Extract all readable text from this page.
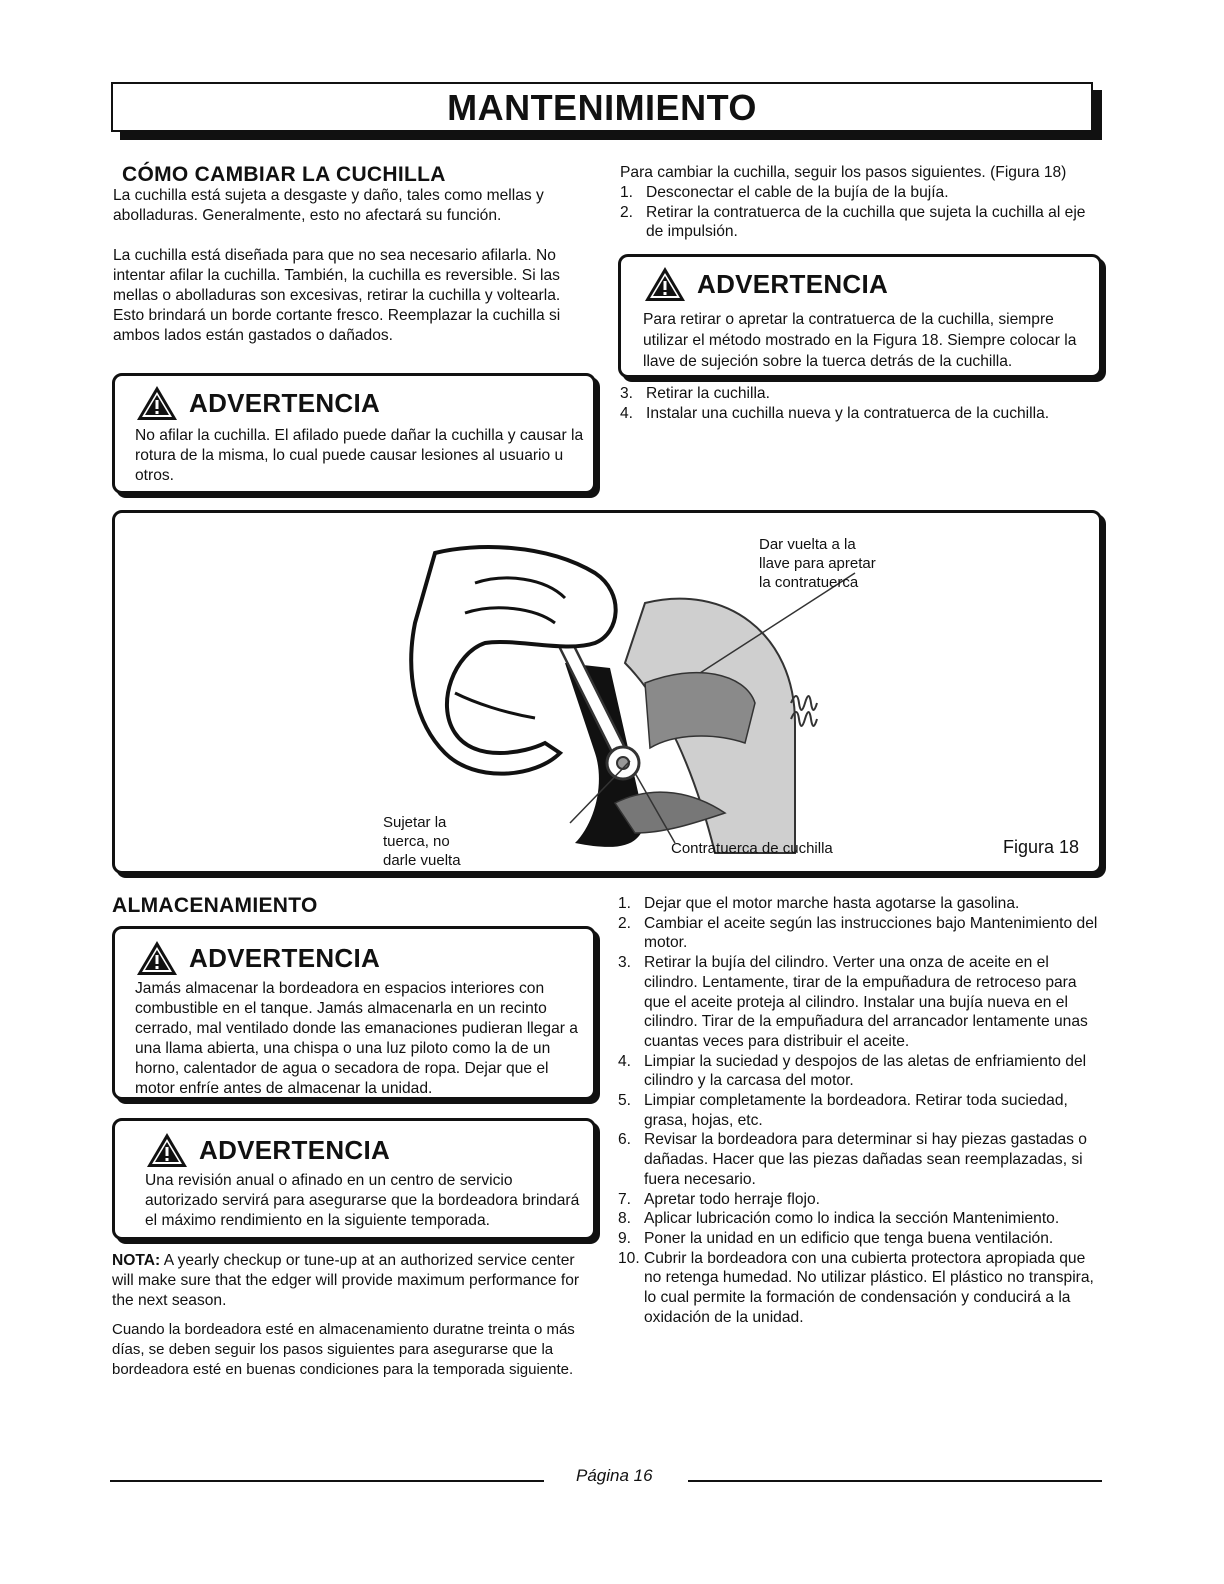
MANTENIMIENTO
CÓMO CAMBIAR LA CUCHILLA

La cuchilla está sujeta a desgaste y daño, tales como mellas y abolladuras. Generalmente, esto no afectará su función.

La cuchilla está diseñada para que no sea necesario afilarla. No intentar afilar la cuchilla. También, la cuchilla es reversible. Si las mellas o abolladuras son excesivas, retirar la cuchilla y voltearla. Esto brindará un borde cortante fresco. Reemplazar la cuchilla si ambos lados están gastados o dañados.

ADVERTENCIA
No afilar la cuchilla. El afilado puede dañar la cuchilla y causar la rotura de la misma, lo cual puede causar lesiones al usuario u otros.
Para cambiar la cuchilla, seguir los pasos siguientes. (Figura 18)
1. Desconectar el cable de la bujía de la bujía.
2. Retirar la contratuerca de la cuchilla que sujeta la cuchilla al eje de impulsión.
ADVERTENCIA
Para retirar o apretar la contratuerca de la cuchilla, siempre utilizar el método mostrado en la Figura 18. Siempre colocar la llave de sujeción sobre la tuerca detrás de la cuchilla.
3. Retirar la cuchilla.
4. Instalar una cuchilla nueva y la contratuerca de la cuchilla.
Dar vuelta a la
llave para apretar
la contratuerca
Sujetar la
tuerca, no
darle vuelta
Contratuerca de cuchilla	Figura 18
ALMACENAMIENTO
ADVERTENCIA
Jamás almacenar la bordeadora en espacios interiores con combustible en el tanque. Jamás almacenarla en un recinto cerrado, mal ventilado donde las emanaciones pudieran llegar a una llama abierta, una chispa o una luz piloto como la de un horno, calentador de agua o secadora de ropa. Dejar que el motor enfríe antes de almacenar la unidad.
ADVERTENCIA
Una revisión anual o afinado en un centro de servicio autorizado servirá para asegurarse que la bordeadora brindará el máximo rendimiento en la siguiente temporada.
NOTA: A yearly checkup or tune-up at an authorized service center will make sure that the edger will provide maximum performance for the next season.
Cuando la bordeadora esté en almacenamiento duratne treinta o más días, se deben seguir los pasos siguientes para asegurarse que la bordeadora esté en buenas condiciones para la temporada siguiente.
1. Dejar que el motor marche hasta agotarse la gasolina.
2. Cambiar el aceite según las instrucciones bajo Mantenimiento del motor.
3. Retirar la bujía del cilindro. Verter una onza de aceite en el cilindro. Lentamente, tirar de la empuñadura de retroceso para que el aceite proteja al cilindro. Instalar una bujía nueva en el cilindro. Tirar de la empuñadura del arrancador lentamente unas cuantas veces para distribuir el aceite.
4. Limpiar la suciedad y despojos de las aletas de enfriamiento del cilindro y la carcasa del motor.
5. Limpiar completamente la bordeadora. Retirar toda suciedad, grasa, hojas, etc.
6. Revisar la bordeadora para determinar si hay piezas gastadas o dañadas. Hacer que las piezas dañadas sean reemplazadas, si fuera necesario.
7. Apretar todo herraje flojo.
8. Aplicar lubricación como lo indica la sección Mantenimiento.
9. Poner la unidad en un edificio que tenga buena ventilación.
10. Cubrir la bordeadora con una cubierta protectora apropiada que no retenga humedad. No utilizar plástico. El plástico no transpira, lo cual permite la formación de condensación y conducirá a la oxidación de la unidad.
Página 16
